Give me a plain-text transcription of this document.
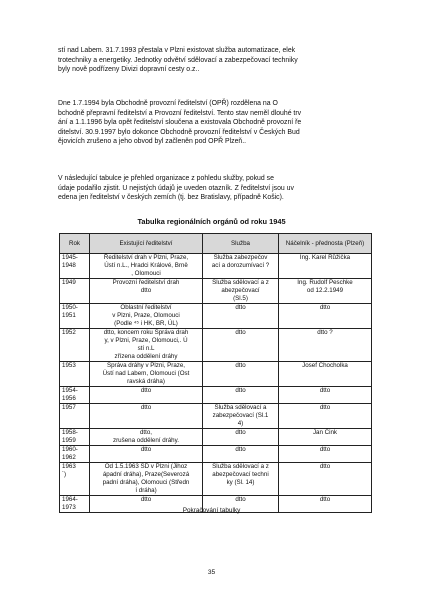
stí nad Labem. 31.7.1993 přestala v Plzni existovat služba automatizace, elek
trotechniky a energetiky. Jednotky odvětví sdělovací a zabezpečovací techniky
byly nově podřízeny Divizi dopravní cesty o.z..
Dne 1.7.1994 byla Obchodně provozní ředitelství (OPŘ) rozdělena na O
bchodně přepravní ředitelství a Provozní ředitelství. Tento stav neměl dlouhé trv
ání a 1.1.1996 byla opět ředitelství sloučena a existovala Obchodně provozní ře
ditelství. 30.9.1997 bylo dokonce Obchodně provozní ředitelství v Českých Bud
ějovicích zrušeno a jeho obvod byl začleněn pod OPŘ Plzeň..
V následující tabulce je přehled organizace z pohledu služby, pokud se
údaje podařilo zjistit. U nejistých údajů je uveden otazník. Z ředitelství jsou uv
edena jen ředitelství v českých zemích (tj. bez Bratislavy, případně Košic).
Tabulka regionálních orgánů od roku 1945
Rok	Existující ředitelství	Služba	Náčelník - přednosta (Plzeň)

1945-
1948	Ředitelství drah v Plzni, Praze,
Ústí n.L., Hradci Králové, Brně
, Olomouci	Služba zabezpečov
ací a dorozumívací ?	Ing. Karel Růžička

1949	Provozní ředitelství drah
dtto	Služba sdělovací a z
abezpečovací
(Sl.5)	Ing. Rudolf Peschke
od 12.2.1949

1950-
1951	Oblastní ředitelství
v Plzni, Praze, Olomouci
(Podle ⁴⁵ i HK, BR, ÚL)	dtto	dtto

1952	dtto, koncem roku Správa drah
y, v Plzni, Praze, Olomouci,. Ú
stí n.L
zřízena oddělení dráhy	dtto	dtto ?

1953	Správa dráhy v Plzni, Praze,
Ústí nad Labem, Olomouci (Ost
ravská dráha)	dtto	Josef Chocholka

1954-
1956	dtto	dtto	dtto

1957	dtto	Služba sdělovací a
zabezpečovací (Sl.1
4)	dtto

1958-
1959	dtto,
zrušena oddělení dráhy.	dtto	Jan Čink

1960-
1962	dtto	dtto	dtto

1963
´)	Od 1.5.1963 SD v Plzni (Jihoz
ápadní dráha), Praze(Severozá
padní dráha), Olomouci (Středn
í dráha)	Služba sdělovací a z
abezpečovací techni
ky (Sl. 14)	dtto

1964-
1973	dtto	dtto	dtto
Pokračování tabulky
35
